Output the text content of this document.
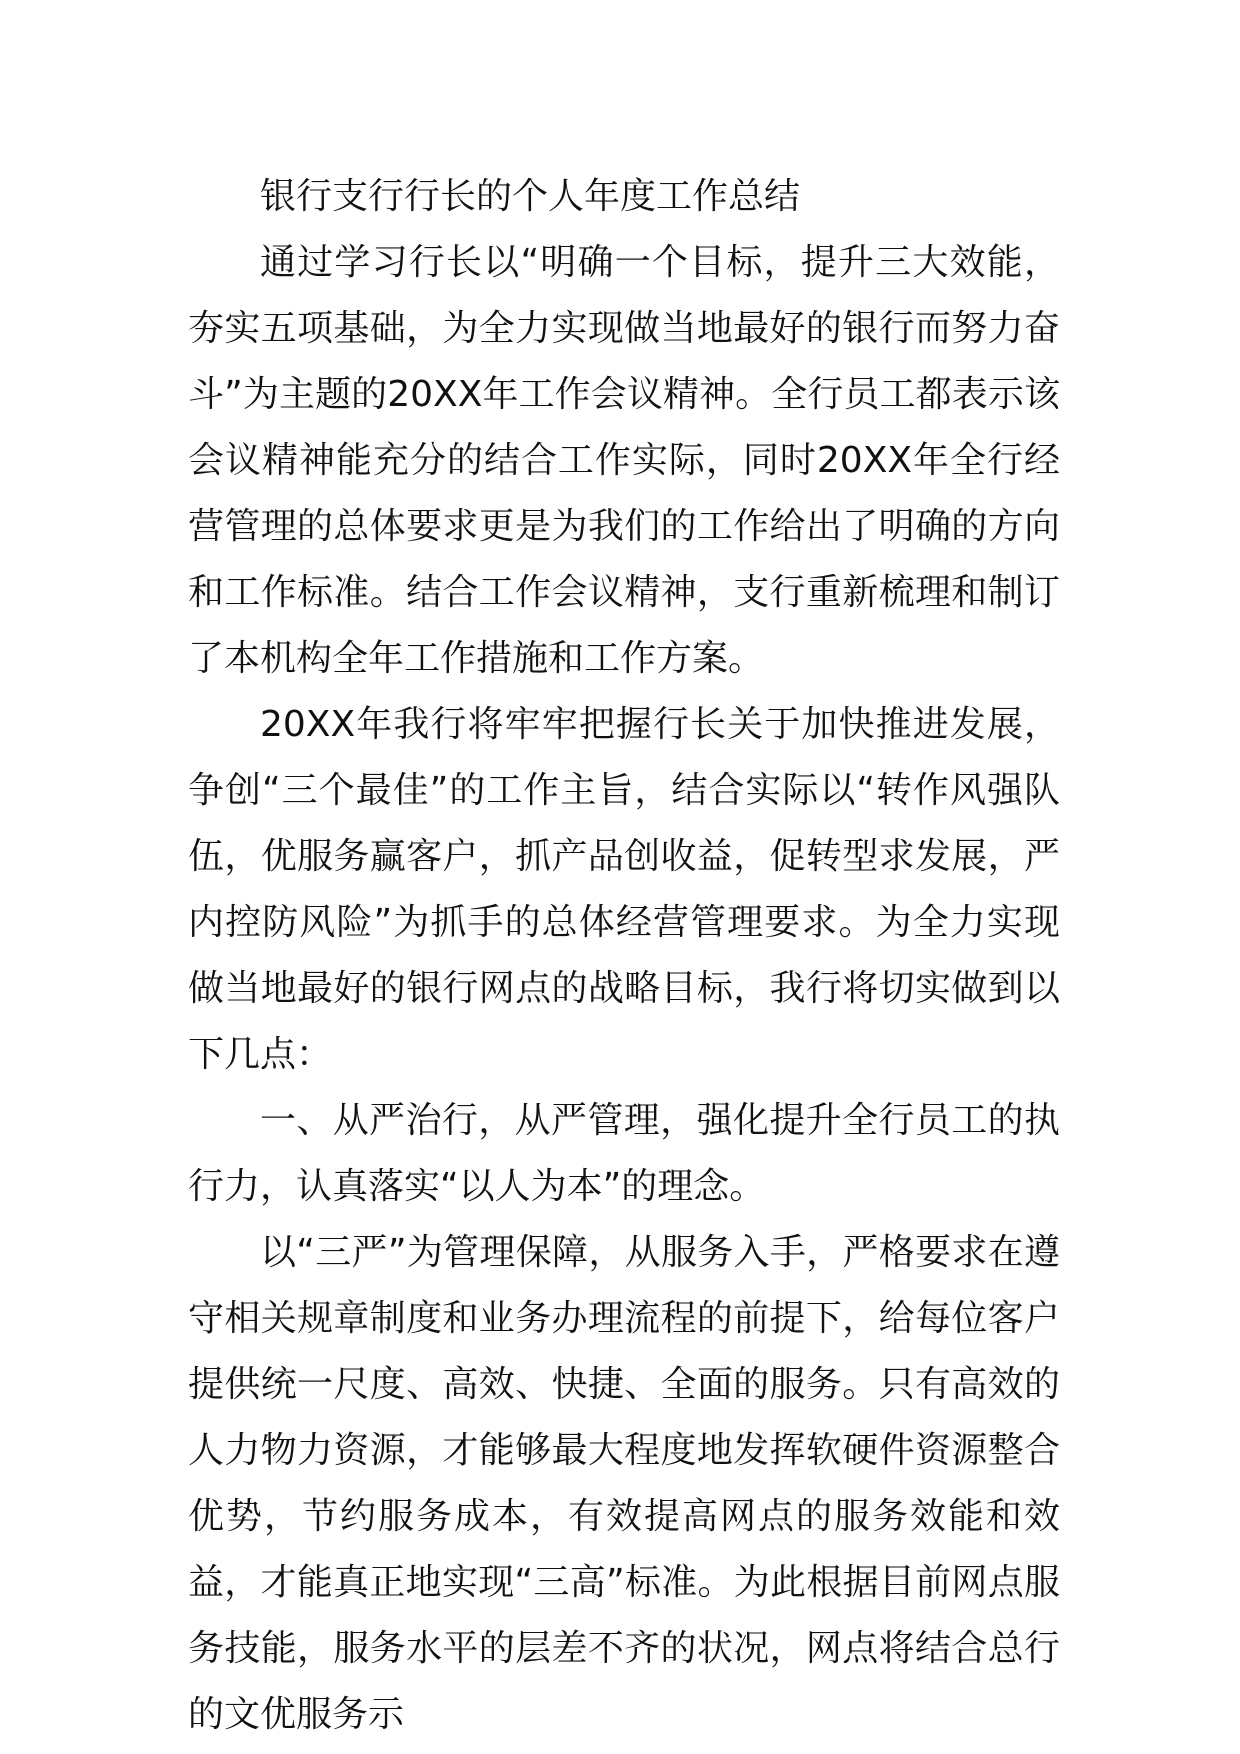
银行支行行长的个人年度工作总结

通过学习行长以“明确一个目标，提升三大效能，夯实五项基础，为全力实现做当地最好的银行而努力奋斗”为主题的20XX年工作会议精神。全行员工都表示该会议精神能充分的结合工作实际，同时20XX年全行经营管理的总体要求更是为我们的工作给出了明确的方向和工作标准。结合工作会议精神，支行重新梳理和制订了本机构全年工作措施和工作方案。

20XX年我行将牢牢把握行长关于加快推进发展，争创“三个最佳”的工作主旨，结合实际以“转作风强队伍，优服务赢客户，抓产品创收益，促转型求发展，严内控防风险”为抓手的总体经营管理要求。为全力实现做当地最好的银行网点的战略目标，我行将切实做到以下几点：

一、从严治行，从严管理，强化提升全行员工的执行力，认真落实“以人为本”的理念。

以“三严”为管理保障，从服务入手，严格要求在遵守相关规章制度和业务办理流程的前提下，给每位客户提供统一尺度、高效、快捷、全面的服务。只有高效的人力物力资源，才能够最大程度地发挥软硬件资源整合优势，节约服务成本，有效提高网点的服务效能和效益，才能真正地实现“三高”标准。为此根据目前网点服务技能，服务水平的层差不齐的状况，网点将结合总行的文优服务示
